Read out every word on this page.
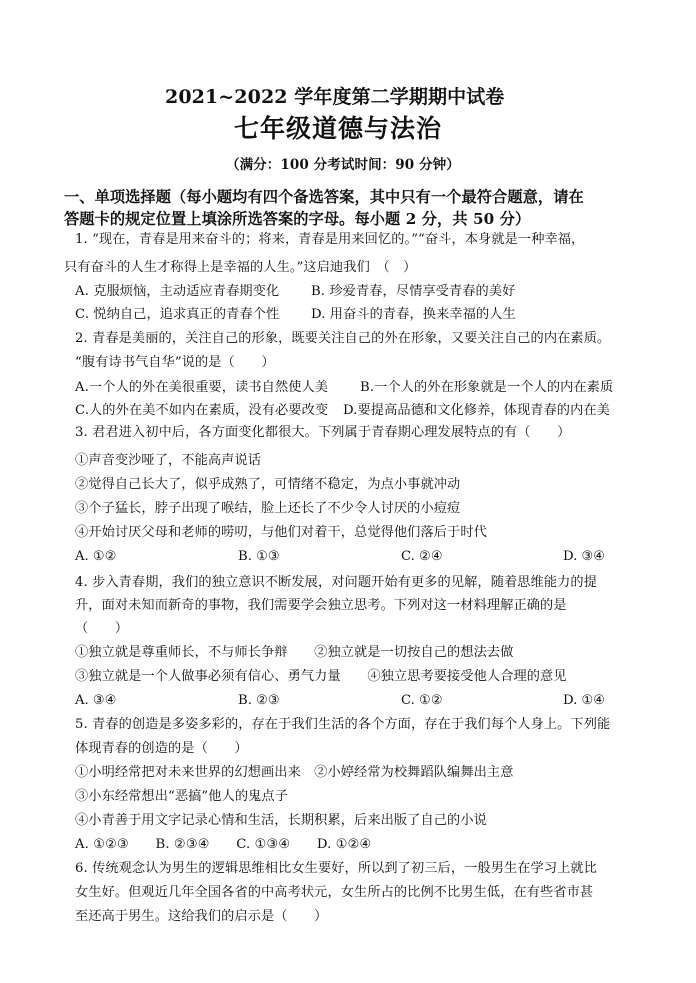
2021~2022 学年度第二学期期中试卷
七年级道德与法治
（满分：100 分考试时间：90 分钟）
一、单项选择题（每小题均有四个备选答案，其中只有一个最符合题意，请在
答题卡的规定位置上填涂所选答案的字母。每小题 2 分，共 50 分）
1. “现在，青春是用来奋斗的；将来，青春是用来回忆的。”“奋斗，本身就是一种幸福，
只有奋斗的人生才称得上是幸福的人生。”这启迪我们　（　）
A. 克服烦恼，主动适应青春期变化 B. 珍爱青春，尽情享受青春的美好
C. 悦纳自己，追求真正的青春个性 D. 用奋斗的青春，换来幸福的人生
2. 青春是美丽的，关注自己的形象，既要关注自己的外在形象，又要关注自己的内在素质。
“腹有诗书气自华”说的是（　　）
A.一个人的外在美很重要，读书自然使人美 B.一个人的外在形象就是一个人的内在素质
C.人的外在美不如内在素质，没有必要改变 D.要提高品德和文化修养，体现青春的内在美
3. 君君进入初中后，各方面变化都很大。下列属于青春期心理发展特点的有（　　）
①声音变沙哑了，不能高声说话
②觉得自己长大了，似乎成熟了，可情绪不稳定，为点小事就冲动
③个子猛长，脖子出现了喉结，脸上还长了不少令人讨厌的小痘痘
④开始讨厌父母和老师的唠叨，与他们对着干，总觉得他们落后于时代
A. ①②	B. ①③	C. ②④	D. ③④
4. 步入青春期，我们的独立意识不断发展，对问题开始有更多的见解，随着思维能力的提
升，面对未知而新奇的事物，我们需要学会独立思考。下列对这一材料理解正确的是
（　　）
①独立就是尊重师长，不与师长争辩　　②独立就是一切按自己的想法去做
③独立就是一个人做事必须有信心、勇气力量　　④独立思考要接受他人合理的意见
A. ③④	B. ②③	C. ①②	D. ①④
5. 青春的创造是多姿多彩的，存在于我们生活的各个方面，存在于我们每个人身上。下列能
体现青春的创造的是（　　）
①小明经常把对未来世界的幻想画出来　②小婷经常为校舞蹈队编舞出主意
③小东经常想出“恶搞”他人的鬼点子
④小青善于用文字记录心情和生活，长期积累，后来出版了自己的小说
A. ①②③　　B. ②③④　　C. ①③④　　D. ①②④
6. 传统观念认为男生的逻辑思维相比女生要好，所以到了初三后，一般男生在学习上就比
女生好。但观近几年全国各省的中高考状元，女生所占的比例不比男生低，在有些省市甚
至还高于男生。这给我们的启示是（　　）
